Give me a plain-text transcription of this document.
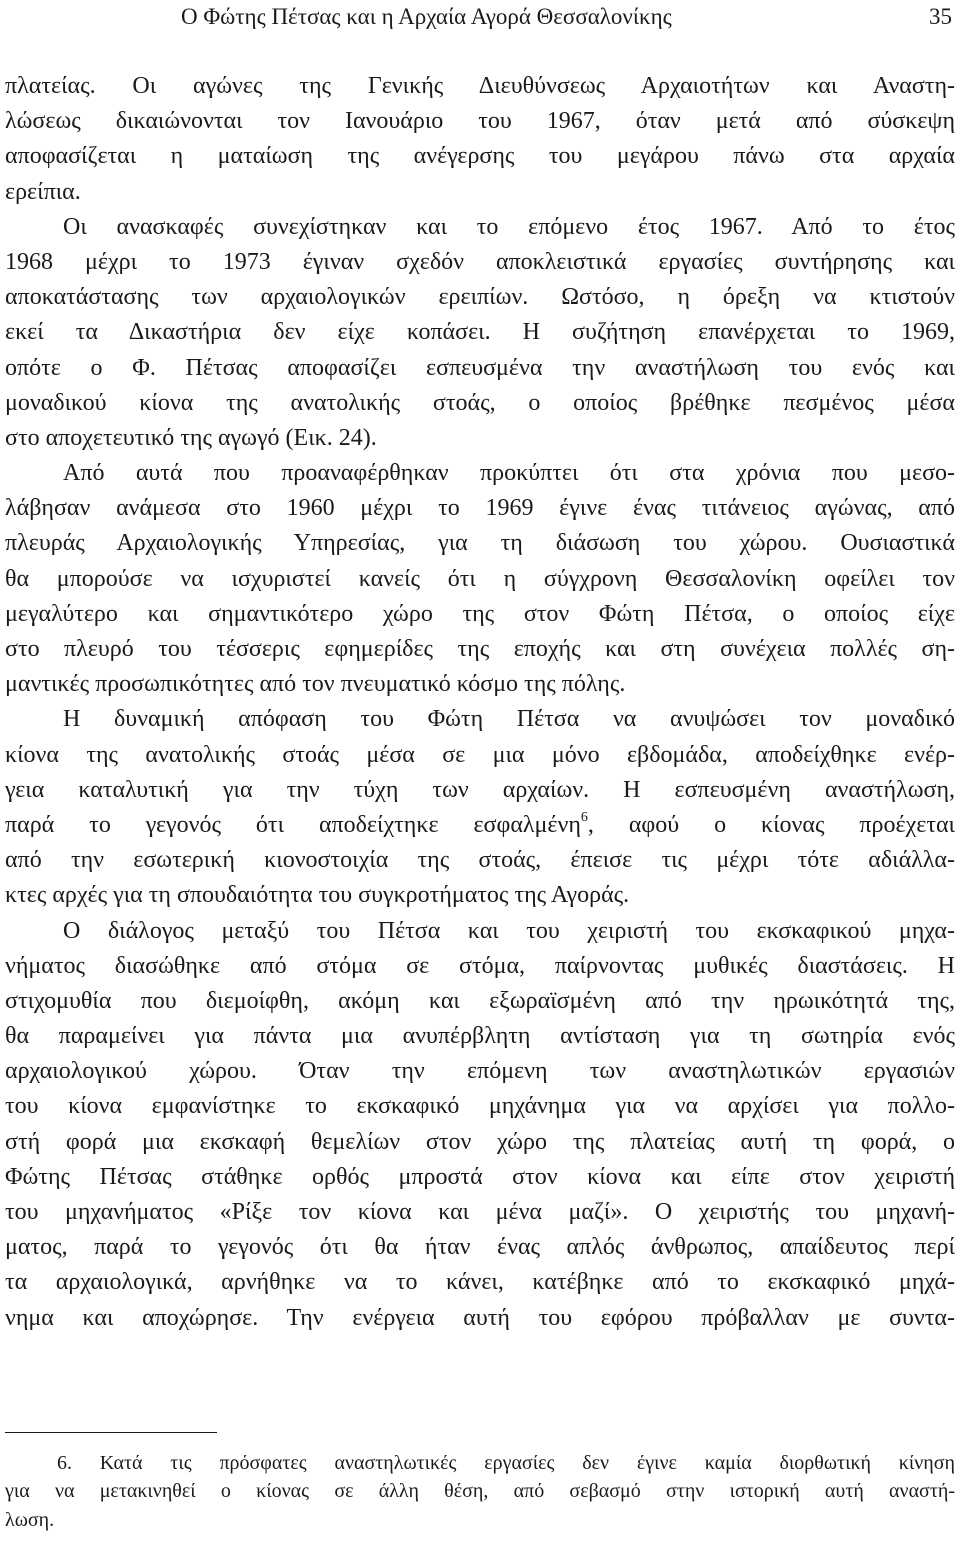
Ο Φώτης Πέτσας και η Αρχαία Αγορά Θεσσαλονίκης	35
πλατείας. Οι αγώνες της Γενικής Διευθύνσεως Αρχαιοτήτων και Αναστη-
λώσεως δικαιώνονται τον Ιανουάριο του 1967, όταν μετά από σύσκεψη
αποφασίζεται η ματαίωση της ανέγερσης του μεγάρου πάνω στα αρχαία
ερείπια.
Οι ανασκαφές συνεχίστηκαν και το επόμενο έτος 1967. Από το έτος
1968 μέχρι το 1973 έγιναν σχεδόν αποκλειστικά εργασίες συντήρησης και
αποκατάστασης των αρχαιολογικών ερειπίων. Ωστόσο, η όρεξη να κτιστούν
εκεί τα Δικαστήρια δεν είχε κοπάσει. Η συζήτηση επανέρχεται το 1969,
οπότε ο Φ. Πέτσας αποφασίζει εσπευσμένα την αναστήλωση του ενός και
μοναδικού κίονα της ανατολικής στοάς, ο οποίος βρέθηκε πεσμένος μέσα
στο αποχετευτικό της αγωγό (Εικ. 24).
Από αυτά που προαναφέρθηκαν προκύπτει ότι στα χρόνια που μεσο-
λάβησαν ανάμεσα στο 1960 μέχρι το 1969 έγινε ένας τιτάνειος αγώνας, από
πλευράς Αρχαιολογικής Υπηρεσίας, για τη διάσωση του χώρου. Ουσιαστικά
θα μπορούσε να ισχυριστεί κανείς ότι η σύγχρονη Θεσσαλονίκη οφείλει τον
μεγαλύτερο και σημαντικότερο χώρο της στον Φώτη Πέτσα, ο οποίος είχε
στο πλευρό του τέσσερις εφημερίδες της εποχής και στη συνέχεια πολλές ση-
μαντικές προσωπικότητες από τον πνευματικό κόσμο της πόλης.
Η δυναμική απόφαση του Φώτη Πέτσα να ανυψώσει τον μοναδικό
κίονα της ανατολικής στοάς μέσα σε μια μόνο εβδομάδα, αποδείχθηκε ενέρ-
γεια καταλυτική για την τύχη των αρχαίων. Η εσπευσμένη αναστήλωση,
παρά το γεγονός ότι αποδείχτηκε εσφαλμένη$^6$, αφού ο κίονας προέχεται
από την εσωτερική κιονοστοιχία της στοάς, έπεισε τις μέχρι τότε αδιάλλα-
κτες αρχές για τη σπουδαιότητα του συγκροτήματος της Αγοράς.
Ο διάλογος μεταξύ του Πέτσα και του χειριστή του εκσκαφικού μηχα-
νήματος διασώθηκε από στόμα σε στόμα, παίρνοντας μυθικές διαστάσεις. Η
στιχομυθία που διεμοίφθη, ακόμη και εξωραϊσμένη από την ηρωικότητά της,
θα παραμείνει για πάντα μια ανυπέρβλητη αντίσταση για τη σωτηρία ενός
αρχαιολογικού χώρου. Όταν την επόμενη των αναστηλωτικών εργασιών
του κίονα εμφανίστηκε το εκσκαφικό μηχάνημα για να αρχίσει για πολλο-
στή φορά μια εκσκαφή θεμελίων στον χώρο της πλατείας αυτή τη φορά, ο
Φώτης Πέτσας στάθηκε ορθός μπροστά στον κίονα και είπε στον χειριστή
του μηχανήματος «Ρίξε τον κίονα και μένα μαζί». Ο χειριστής του μηχανή-
ματος, παρά το γεγονός ότι θα ήταν ένας απλός άνθρωπος, απαίδευτος περί
τα αρχαιολογικά, αρνήθηκε να το κάνει, κατέβηκε από το εκσκαφικό μηχά-
νημα και αποχώρησε. Την ενέργεια αυτή του εφόρου πρόβαλλαν με συντα-
6. Κατά τις πρόσφατες αναστηλωτικές εργασίες δεν έγινε καμία διορθωτική κίνηση
για να μετακινηθεί ο κίονας σε άλλη θέση, από σεβασμό στην ιστορική αυτή αναστή-
λωση.
